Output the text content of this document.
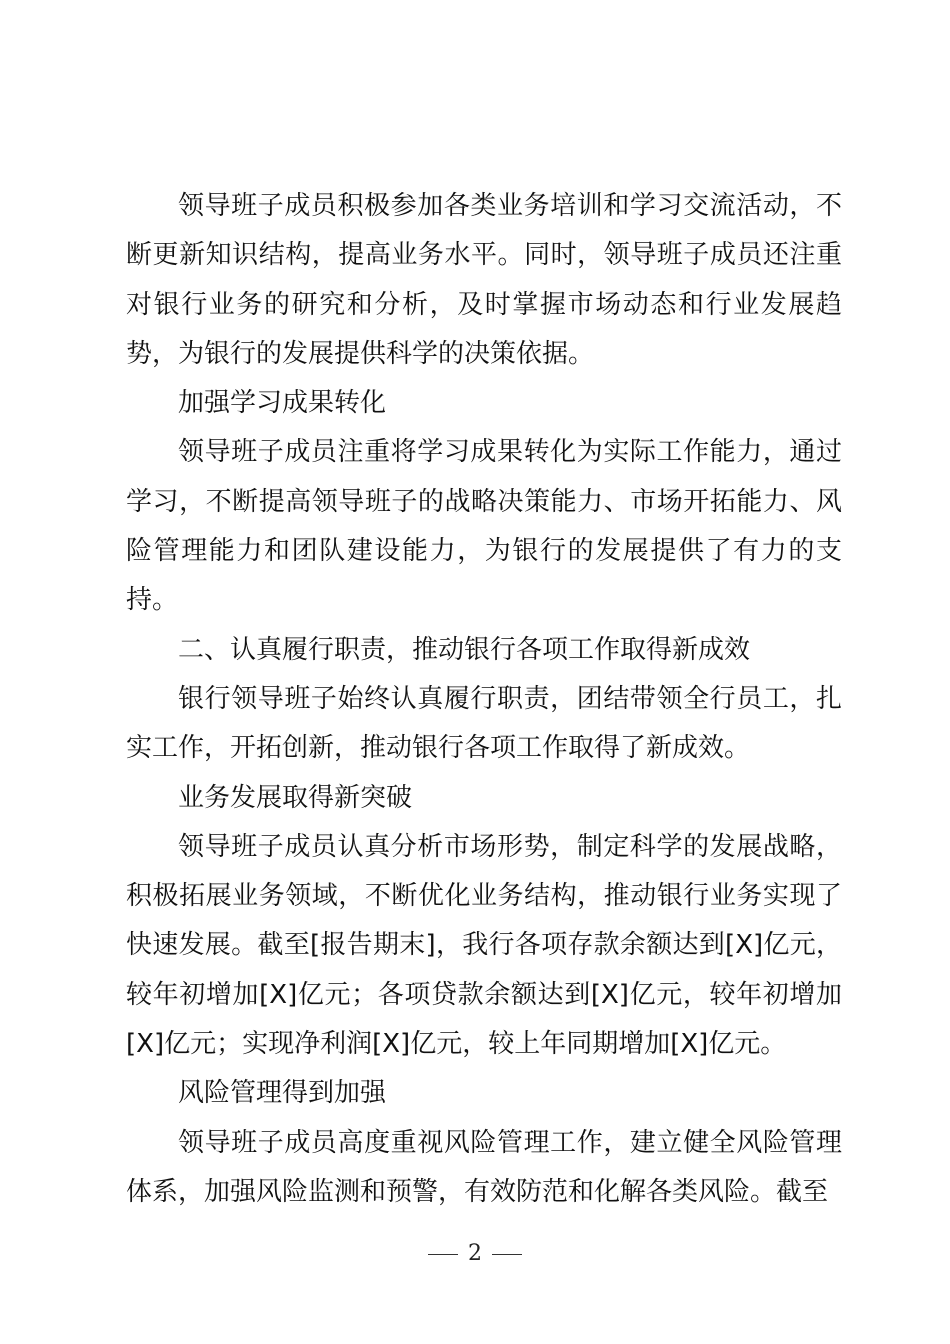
领导班子成员积极参加各类业务培训和学习交流活动，不断更新知识结构，提高业务水平。同时，领导班子成员还注重对银行业务的研究和分析，及时掌握市场动态和行业发展趋势，为银行的发展提供科学的决策依据。

加强学习成果转化

领导班子成员注重将学习成果转化为实际工作能力，通过学习，不断提高领导班子的战略决策能力、市场开拓能力、风险管理能力和团队建设能力，为银行的发展提供了有力的支持。

二、认真履行职责，推动银行各项工作取得新成效

银行领导班子始终认真履行职责，团结带领全行员工，扎实工作，开拓创新，推动银行各项工作取得了新成效。

业务发展取得新突破

领导班子成员认真分析市场形势，制定科学的发展战略，积极拓展业务领域，不断优化业务结构，推动银行业务实现了快速发展。截至[报告期末]，我行各项存款余额达到[X]亿元，较年初增加[X]亿元；各项贷款余额达到[X]亿元，较年初增加[X]亿元；实现净利润[X]亿元，较上年同期增加[X]亿元。

风险管理得到加强

领导班子成员高度重视风险管理工作，建立健全风险管理体系，加强风险监测和预警，有效防范和化解各类风险。截至

2
